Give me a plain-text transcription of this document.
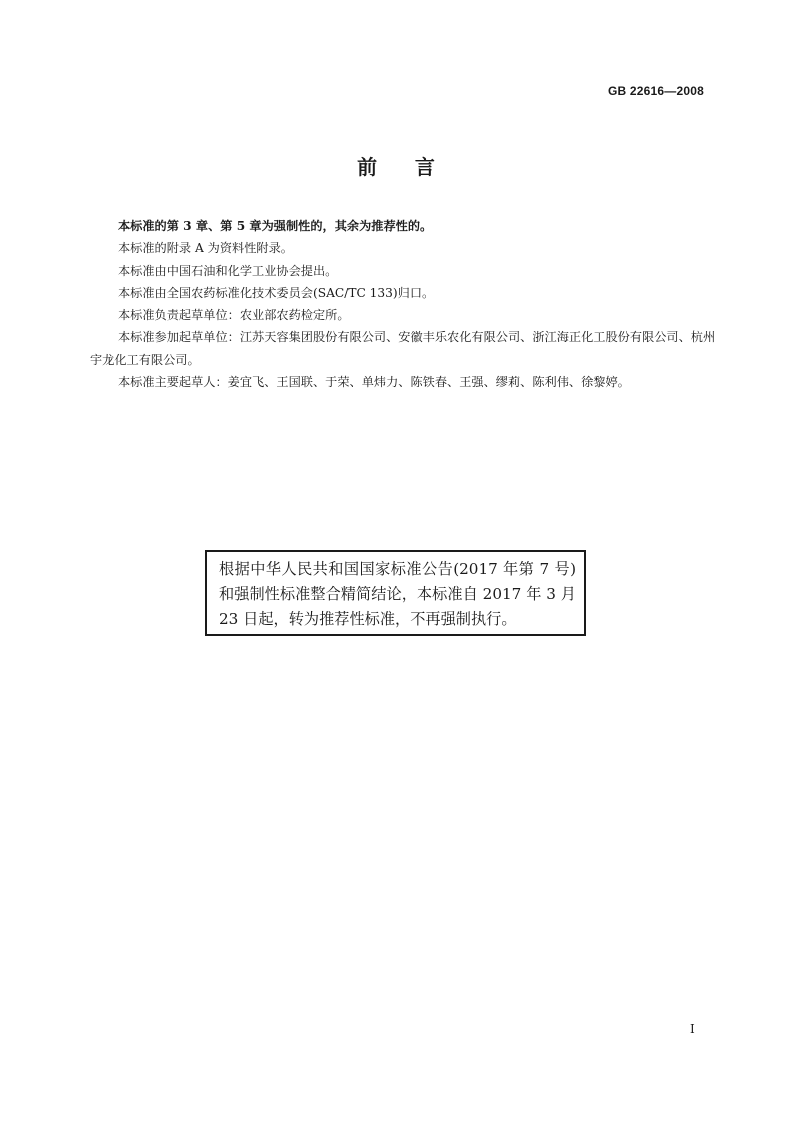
GB 22616—2008
前    言

本标准的第 3 章、第 5 章为强制性的，其余为推荐性的。

本标准的附录 A 为资料性附录。

本标准由中国石油和化学工业协会提出。

本标准由全国农药标准化技术委员会(SAC/TC 133)归口。

本标准负责起草单位：农业部农药检定所。

本标准参加起草单位：江苏天容集团股份有限公司、安徽丰乐农化有限公司、浙江海正化工股份有限公司、杭州宇龙化工有限公司。

本标准主要起草人：姜宜飞、王国联、于荣、单炜力、陈铁春、王强、缪莉、陈利伟、徐黎婷。

根据中华人民共和国国家标准公告(2017 年第 7 号)和强制性标准整合精简结论，本标准自 2017 年 3 月 23 日起，转为推荐性标准，不再强制执行。
I
